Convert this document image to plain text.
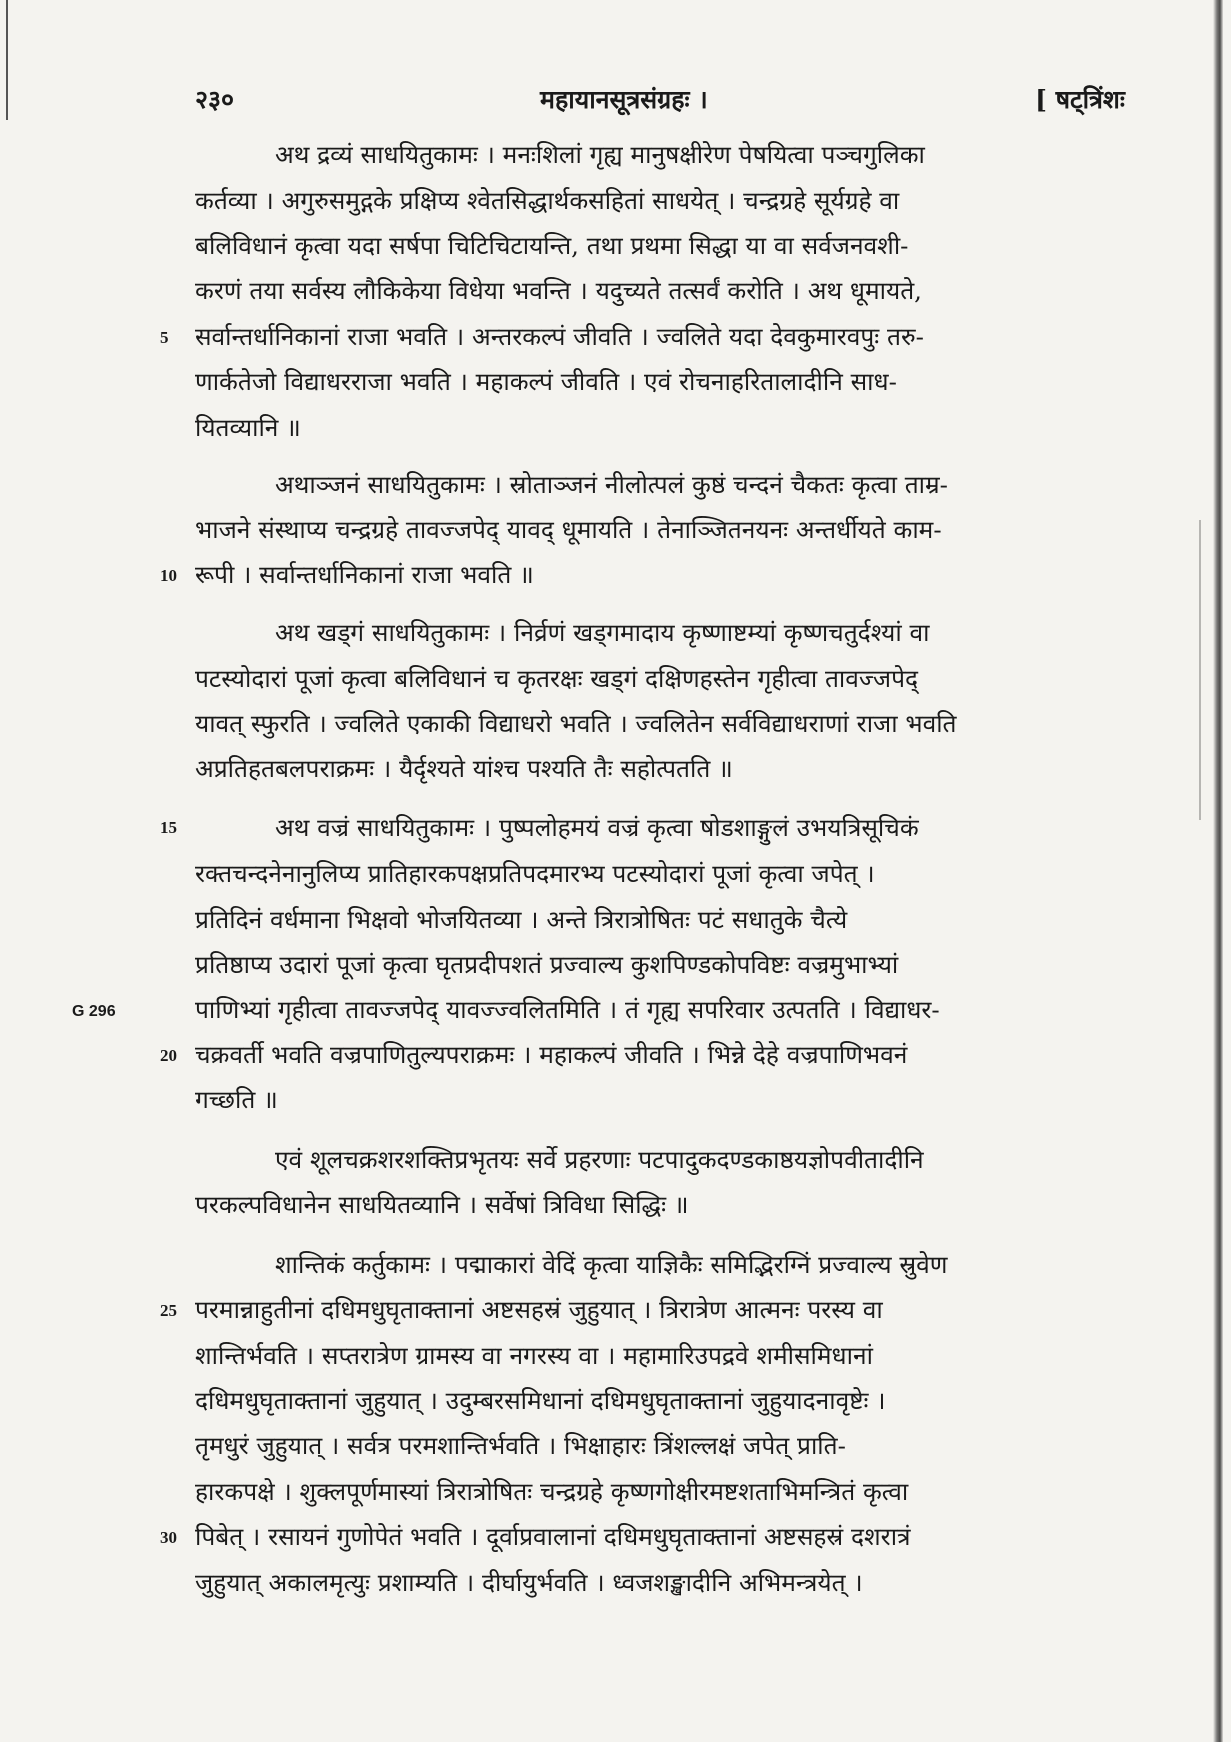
२३०	महायानसूत्रसंग्रहः ।	[ षट्त्रिंशः
अथ द्रव्यं साधयितुकामः । मनःशिलां गृह्य मानुषक्षीरेण पेषयित्वा पञ्चगुलिका
कर्तव्या । अगुरुसमुद्गके प्रक्षिप्य श्वेतसिद्धार्थकसहितां साधयेत् । चन्द्रग्रहे सूर्यग्रहे वा
बलिविधानं कृत्वा यदा सर्षपा चिटिचिटायन्ति, तथा प्रथमा सिद्धा या वा सर्वजनवशी-
करणं तया सर्वस्य लौकिकेया विधेया भवन्ति । यदुच्यते तत्सर्वं करोति । अथ धूमायते,
5 सर्वान्तर्धानिकानां राजा भवति । अन्तरकल्पं जीवति । ज्वलिते यदा देवकुमारवपुः तरु-
णार्कतेजो विद्याधरराजा भवति । महाकल्पं जीवति । एवं रोचनाहरितालादीनि साध-
यितव्यानि ॥
अथाञ्जनं साधयितुकामः । स्रोताञ्जनं नीलोत्पलं कुष्ठं चन्दनं चैकतः कृत्वा ताम्र-
भाजने संस्थाप्य चन्द्रग्रहे तावज्जपेद् यावद् धूमायति । तेनाञ्जितनयनः अन्तर्धीयते काम-
10 रूपी । सर्वान्तर्धानिकानां राजा भवति ॥
अथ खड्गं साधयितुकामः । निर्व्रणं खड्गमादाय कृष्णाष्टम्यां कृष्णचतुर्दश्यां वा
पटस्योदारां पूजां कृत्वा बलिविधानं च कृतरक्षः खड्गं दक्षिणहस्तेन गृहीत्वा तावज्जपेद्
यावत् स्फुरति । ज्वलिते एकाकी विद्याधरो भवति । ज्वलितेन सर्वविद्याधराणां राजा भवति
अप्रतिहतबलपराक्रमः । यैर्दृश्यते यांश्च पश्यति तैः सहोत्पतति ॥
15	अथ वज्रं साधयितुकामः । पुष्पलोहमयं वज्रं कृत्वा षोडशाङ्गुलं उभयत्रिसूचिकं
रक्तचन्दनेनानुलिप्य प्रातिहारकपक्षप्रतिपदमारभ्य पटस्योदारां पूजां कृत्वा जपेत् ।
प्रतिदिनं वर्धमाना भिक्षवो भोजयितव्या । अन्ते त्रिरात्रोषितः पटं सधातुके चैत्ये
प्रतिष्ठाप्य उदारां पूजां कृत्वा घृतप्रदीपशतं प्रज्वाल्य कुशपिण्डकोपविष्टः वज्रमुभाभ्यां
G 296	पाणिभ्यां गृहीत्वा तावज्जपेद् यावज्ज्वलितमिति । तं गृह्य सपरिवार उत्पतति । विद्याधर-
20 चक्रवर्ती भवति वज्रपाणितुल्यपराक्रमः । महाकल्पं जीवति । भिन्ने देहे वज्रपाणिभवनं
गच्छति ॥
एवं शूलचक्रशरशक्तिप्रभृतयः सर्वे प्रहरणाः पटपादुकदण्डकाष्ठयज्ञोपवीतादीनि
परकल्पविधानेन साधयितव्यानि । सर्वेषां त्रिविधा सिद्धिः ॥
शान्तिकं कर्तुकामः । पद्माकारां वेदिं कृत्वा याज्ञिकैः समिद्भिरग्निं प्रज्वाल्य स्रुवेण
25 परमान्नाहुतीनां दधिमधुघृताक्तानां अष्टसहस्रं जुहुयात् । त्रिरात्रेण आत्मनः परस्य वा
शान्तिर्भवति । सप्तरात्रेण ग्रामस्य वा नगरस्य वा । महामारिउपद्रवे शमीसमिधानां
दधिमधुघृताक्तानां जुहुयात् । उदुम्बरसमिधानां दधिमधुघृताक्तानां जुहुयादनावृष्टेः ।
तृमधुरं जुहुयात् । सर्वत्र परमशान्तिर्भवति । भिक्षाहारः त्रिंशल्लक्षं जपेत् प्राति-
हारकपक्षे । शुक्लपूर्णमास्यां त्रिरात्रोषितः चन्द्रग्रहे कृष्णगोक्षीरमष्टशताभिमन्त्रितं कृत्वा
30 पिबेत् । रसायनं गुणोपेतं भवति । दूर्वाप्रवालानां दधिमधुघृताक्तानां अष्टसहस्रं दशरात्रं
जुहुयात् अकालमृत्युः प्रशाम्यति । दीर्घायुर्भवति । ध्वजशङ्खादीनि अभिमन्त्रयेत् ।
